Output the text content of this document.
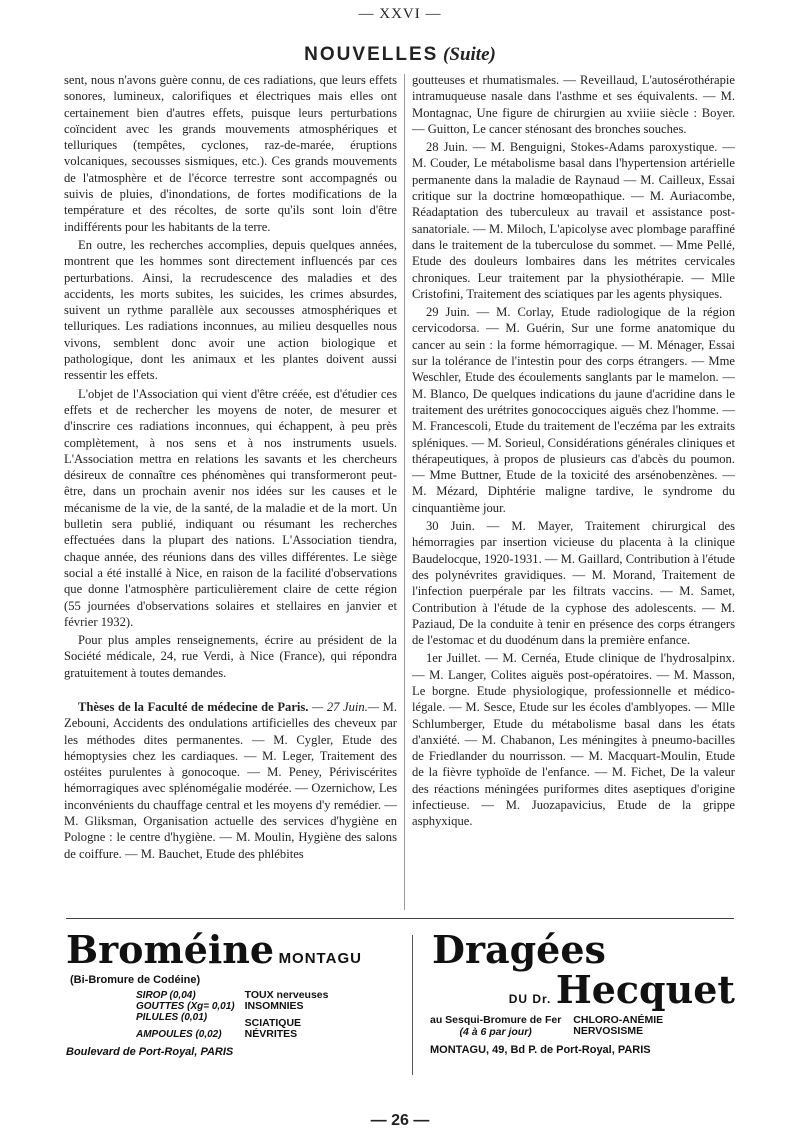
— XXVI —
NOUVELLES (Suite)

sent, nous n'avons guère connu, de ces radiations, que leurs effets sonores, lumineux, calorifiques et électriques mais elles ont certainement bien d'autres effets, puisque leurs perturbations coïncident avec les grands mouvements atmosphériques et telluriques (tempêtes, cyclones, raz-de-marée, éruptions volcaniques, secousses sismiques, etc.). Ces grands mouvements de l'atmosphère et de l'écorce terrestre sont accompagnés ou suivis de pluies, d'inondations, de fortes modifications de la température et des récoltes, de sorte qu'ils sont loin d'être indifférents pour les habitants de la terre.

En outre, les recherches accomplies, depuis quelques années, montrent que les hommes sont directement influencés par ces perturbations. Ainsi, la recrudescence des maladies et des accidents, les morts subites, les suicides, les crimes absurdes, suivent un rythme parallèle aux secousses atmosphériques et telluriques. Les radiations inconnues, au milieu desquelles nous vivons, semblent donc avoir une action biologique et pathologique, dont les animaux et les plantes doivent aussi ressentir les effets.

L'objet de l'Association qui vient d'être créée, est d'étudier ces effets et de rechercher les moyens de noter, de mesurer et d'inscrire ces radiations inconnues, qui échappent, à peu près complètement, à nos sens et à nos instruments usuels. L'Association mettra en relations les savants et les chercheurs désireux de connaître ces phénomènes qui transformeront peut-être, dans un prochain avenir nos idées sur les causes et le mécanisme de la vie, de la santé, de la maladie et de la mort. Un bulletin sera publié, indiquant ou résumant les recherches effectuées dans la plupart des nations. L'Association tiendra, chaque année, des réunions dans des villes différentes. Le siège social a été installé à Nice, en raison de la facilité d'observations que donne l'atmosphère particulièrement claire de cette région (55 journées d'observations solaires et stellaires en janvier et février 1932).

Pour plus amples renseignements, écrire au président de la Société médicale, 24, rue Verdi, à Nice (France), qui répondra gratuitement à toutes demandes.

Thèses de la Faculté de médecine de Paris. — 27 Juin.— M. Zebouni, Accidents des ondulations artificielles des cheveux par les méthodes dites permanentes. — M. Cygler, Etude des hémoptysies chez les cardiaques. — M. Leger, Traitement des ostéites purulentes à gonocoque. — M. Peney, Périviscérites hémorragiques avec splénomégalie modérée. — Ozernichow, Les inconvénients du chauffage central et les moyens d'y remédier. — M. Gliksman, Organisation actuelle des services d'hygiène en Pologne : le centre d'hygiène. — M. Moulin, Hygiène des salons de coiffure. — M. Bauchet, Etude des phlébites

goutteuses et rhumatismales. — Reveillaud, L'autosérothérapie intramuqueuse nasale dans l'asthme et ses équivalents. — M. Montagnac, Une figure de chirurgien au xviiie siècle : Boyer. — Guitton, Le cancer sténosant des bronches souches.

28 Juin. — M. Benguigni, Stokes-Adams paroxystique. — M. Couder, Le métabolisme basal dans l'hypertension artérielle permanente dans la maladie de Raynaud — M. Cailleux, Essai critique sur la doctrine homœopathique. — M. Auriacombe, Réadaptation des tuberculeux au travail et assistance post-sanatoriale. — M. Miloch, L'apicolyse avec plombage paraffiné dans le traitement de la tuberculose du sommet. — Mme Pellé, Etude des douleurs lombaires dans les métrites cervicales chroniques. Leur traitement par la physiothérapie. — Mlle Cristofini, Traitement des sciatiques par les agents physiques.

29 Juin. — M. Corlay, Etude radiologique de la région cervicodorsa. — M. Guérin, Sur une forme anatomique du cancer au sein : la forme hémorragique. — M. Ménager, Essai sur la tolérance de l'intestin pour des corps étrangers. — Mme Weschler, Etude des écoulements sanglants par le mamelon. — M. Blanco, De quelques indications du jaune d'acridine dans le traitement des urétrites gonococciques aiguës chez l'homme. — M. Francescoli, Etude du traitement de l'eczéma par les extraits spléniques. — M. Sorieul, Considérations générales cliniques et thérapeutiques, à propos de plusieurs cas d'abcès du poumon. — Mme Buttner, Etude de la toxicité des arsénobenzènes. — M. Mézard, Diphtérie maligne tardive, le syndrome du cinquantième jour.

30 Juin. — M. Mayer, Traitement chirurgical des hémorragies par insertion vicieuse du placenta à la clinique Baudelocque, 1920-1931. — M. Gaillard, Contribution à l'étude des polynévrites gravidiques. — M. Morand, Traitement de l'infection puerpérale par les filtrats vaccins. — M. Samet, Contribution à l'étude de la cyphose des adolescents. — M. Paziaud, De la conduite à tenir en présence des corps étrangers de l'estomac et du duodénum dans la première enfance.

1er Juillet. — M. Cernéa, Etude clinique de l'hydrosalpinx. — M. Langer, Colites aiguës post-opératoires. — M. Masson, Le borgne. Etude physiologique, professionnelle et médico-légale. — M. Sesce, Etude sur les écoles d'amblyopes. — Mlle Schlumberger, Etude du métabolisme basal dans les états d'anxiété. — M. Chabanon, Les méningites à pneumo-bacilles de Friedlander du nourrisson. — M. Macquart-Moulin, Etude de la fièvre typhoïde de l'enfance. — M. Fichet, De la valeur des réactions méningées puriformes dites aseptiques d'origine infectieuse. — M. Juozapavicius, Etude de la grippe asphyxique.

Broméine MONTAGU
(Bi-Bromure de Codéine)
SIROP (0,04)
GOUTTES (Xg= 0,01)
PILULES (0,01)
AMPOULES (0,02)
TOUX nerveuses
INSOMNIES
SCIATIQUE
NÉVRITES
Boulevard de Port-Royal, PARIS
Dragées
DU Dr. Hecquet
au Sesqui-Bromure de Fer
(4 à 6 par jour)
CHLORO-ANÉMIE
NERVOSISME
MONTAGU, 49, Bd P. de Port-Royal, PARIS
— 26 —
